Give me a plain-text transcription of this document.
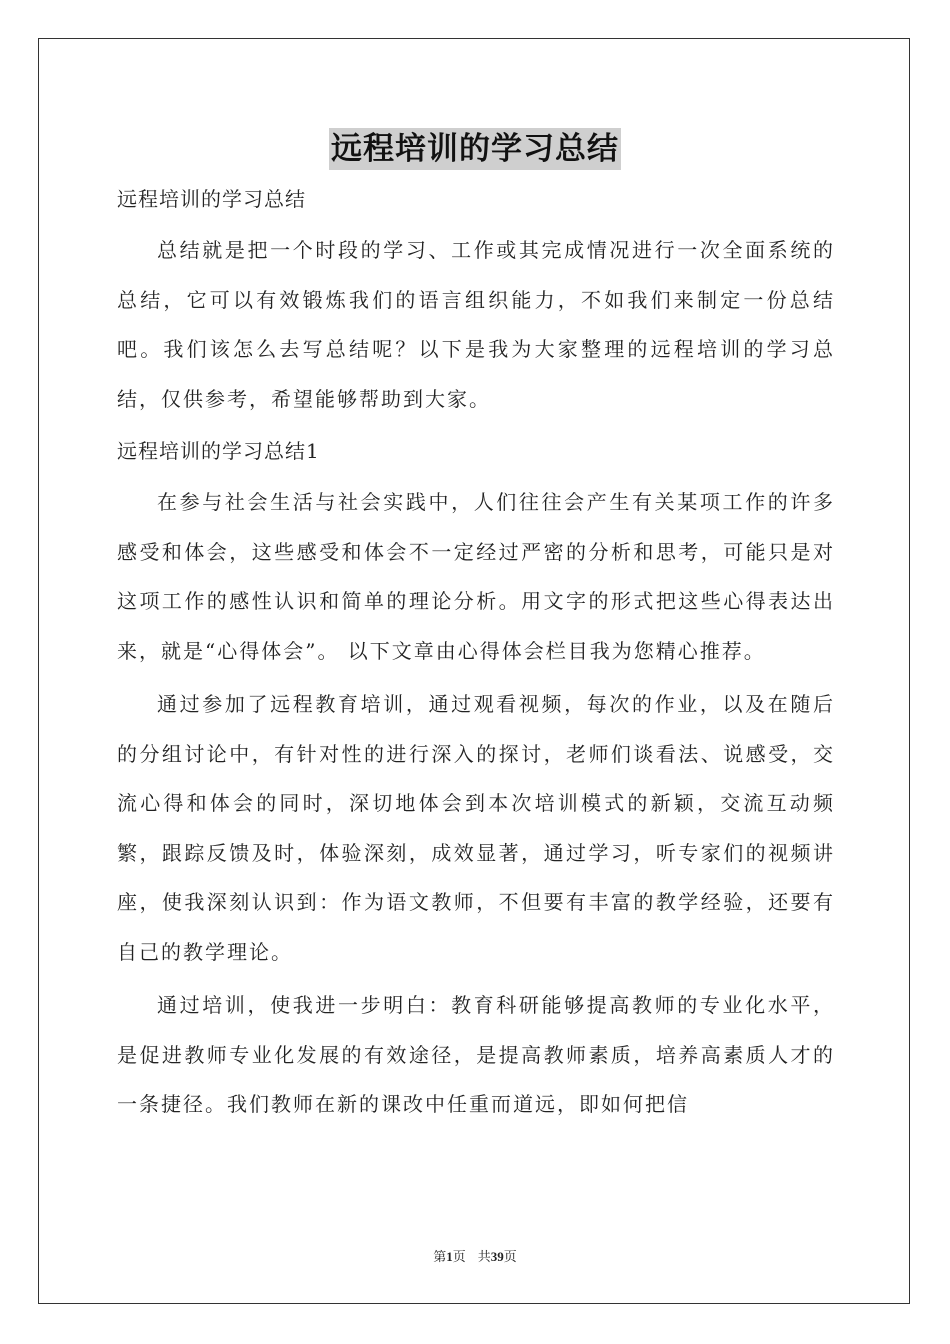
远程培训的学习总结

远程培训的学习总结

总结就是把一个时段的学习、工作或其完成情况进行一次全面系统的总结，它可以有效锻炼我们的语言组织能力，不如我们来制定一份总结吧。我们该怎么去写总结呢？以下是我为大家整理的远程培训的学习总结，仅供参考，希望能够帮助到大家。

远程培训的学习总结1

在参与社会生活与社会实践中，人们往往会产生有关某项工作的许多感受和体会，这些感受和体会不一定经过严密的分析和思考，可能只是对这项工作的感性认识和简单的理论分析。用文字的形式把这些心得表达出来，就是“心得体会”。 以下文章由心得体会栏目我为您精心推荐。

通过参加了远程教育培训，通过观看视频，每次的作业，以及在随后的分组讨论中，有针对性的进行深入的探讨，老师们谈看法、说感受，交流心得和体会的同时，深切地体会到本次培训模式的新颖，交流互动频繁，跟踪反馈及时，体验深刻，成效显著，通过学习，听专家们的视频讲座，使我深刻认识到：作为语文教师，不但要有丰富的教学经验，还要有自己的教学理论。

通过培训，使我进一步明白：教育科研能够提高教师的专业化水平，是促进教师专业化发展的有效途径，是提高教师素质，培养高素质人才的一条捷径。我们教师在新的课改中任重而道远，即如何把信

第1页 共39页
